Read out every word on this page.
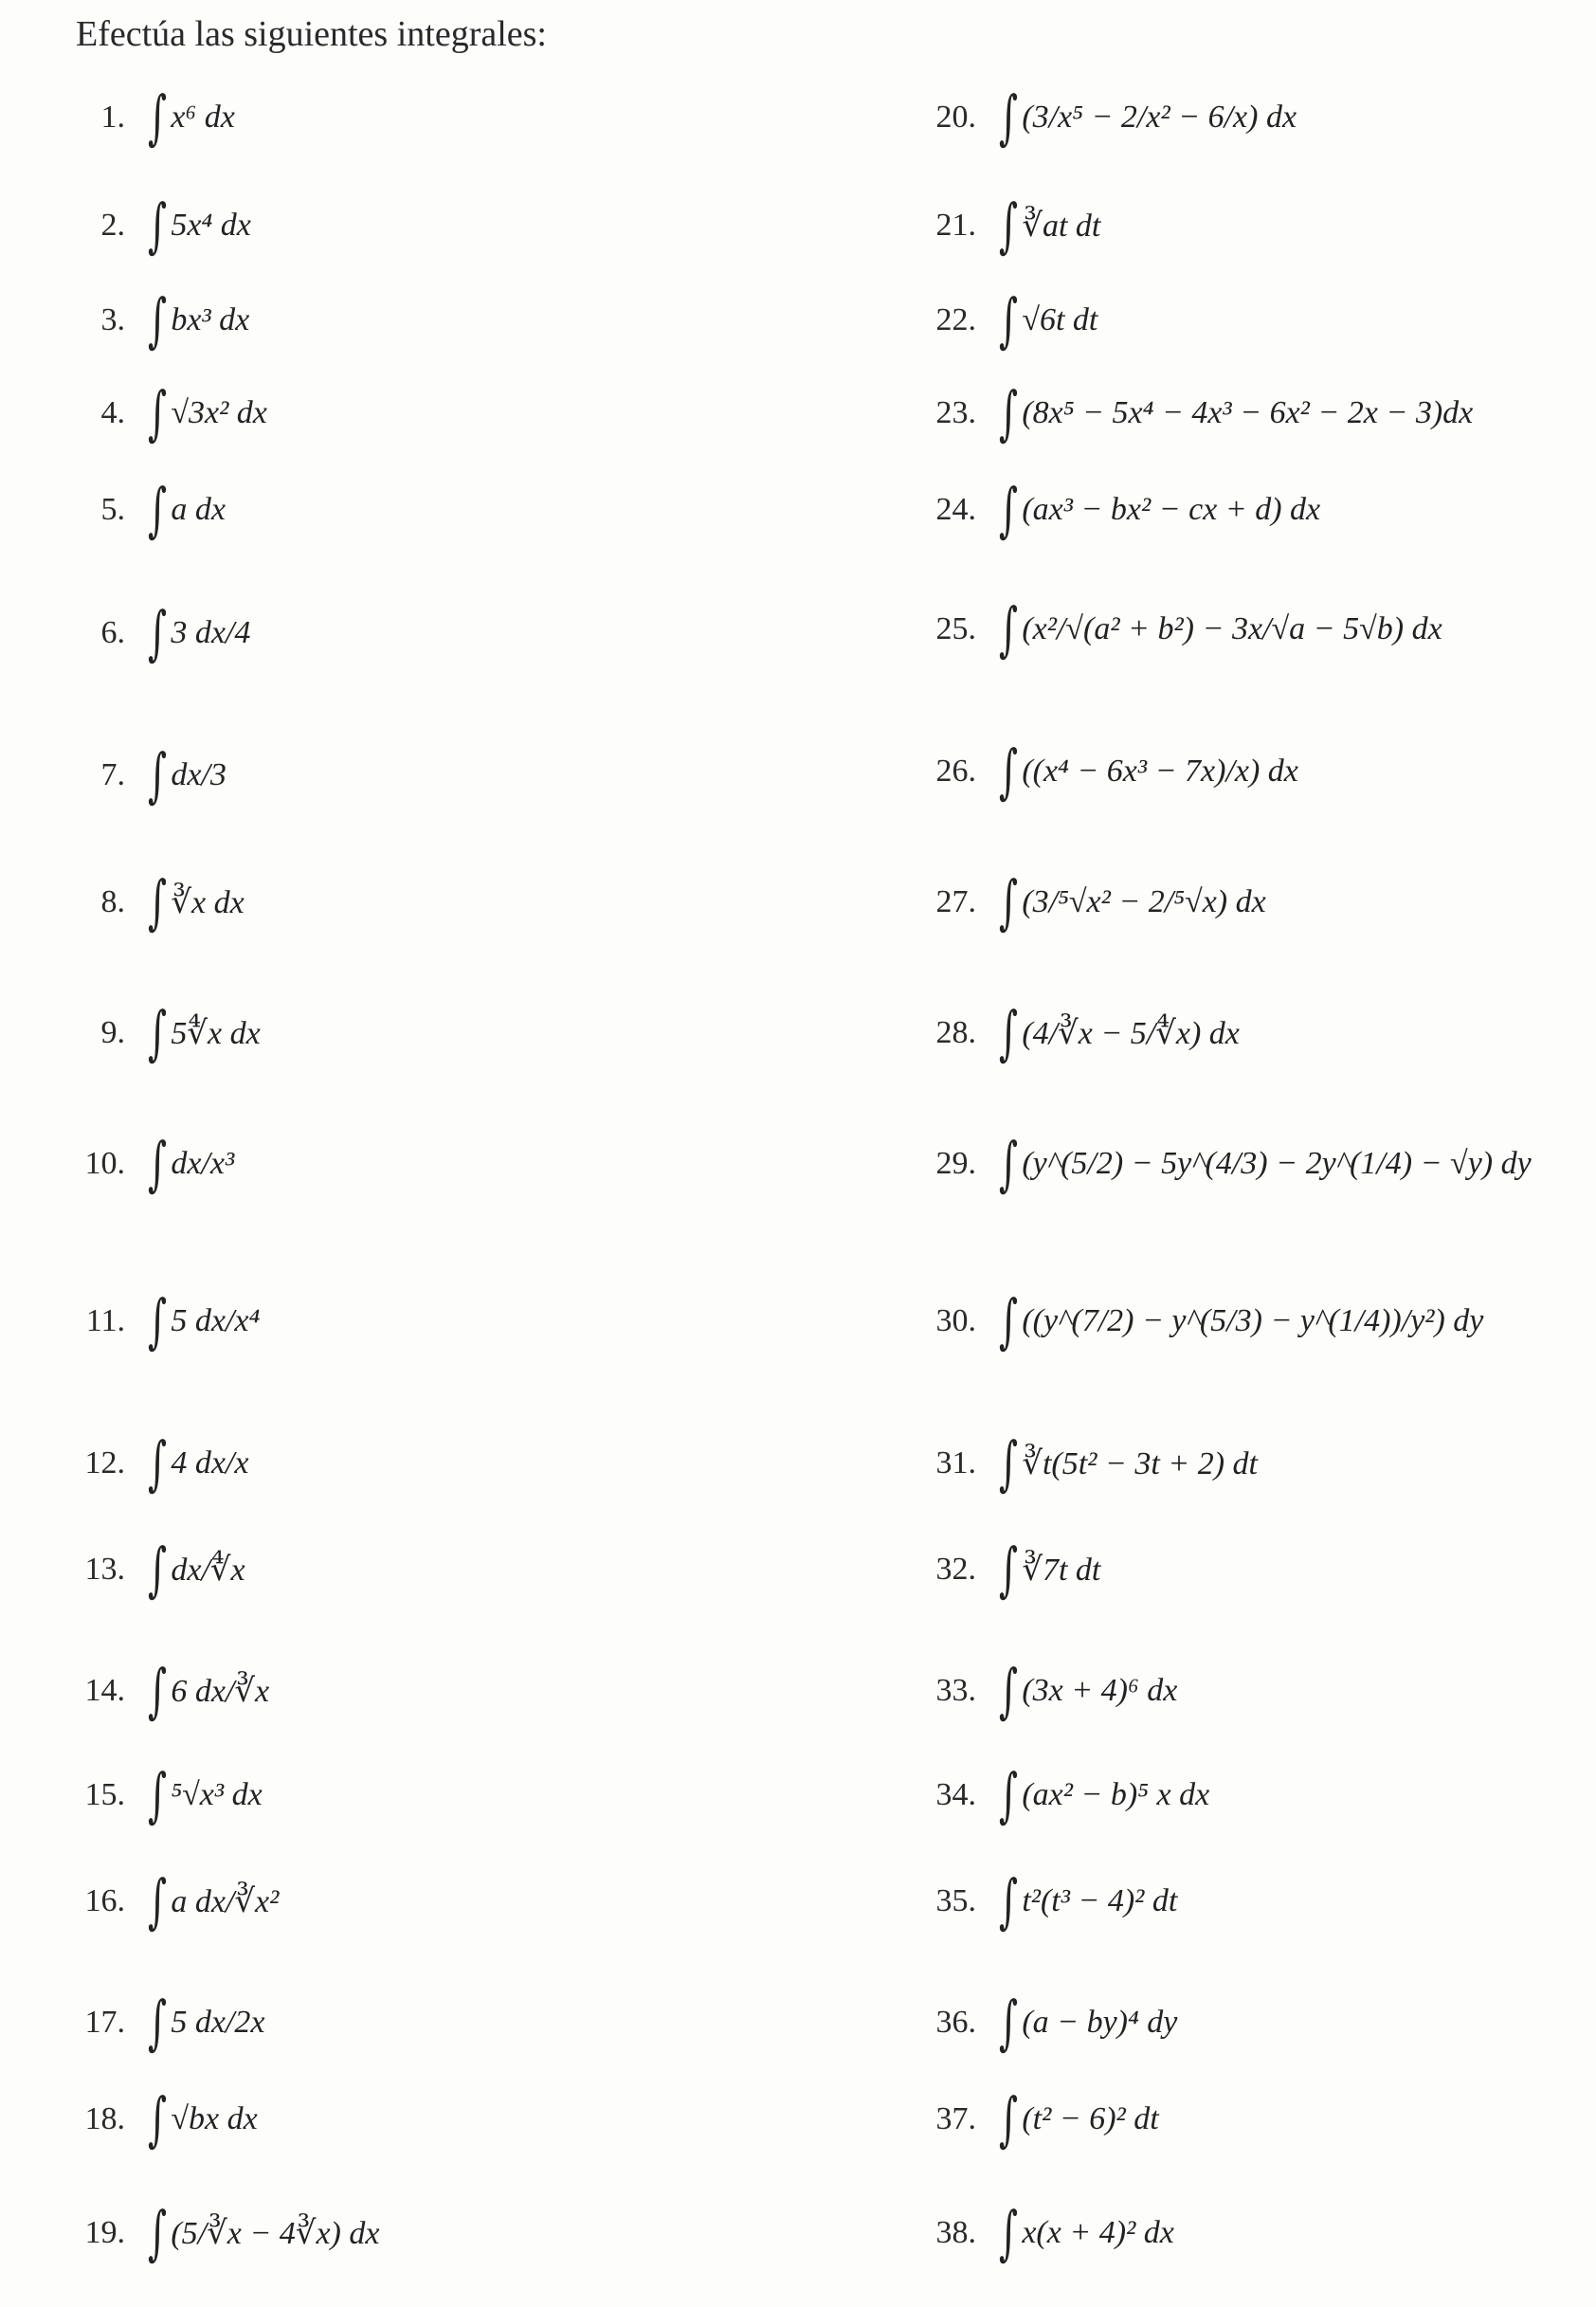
Efectúa las siguientes integrales:
1. ∫ x⁶ dx
2. ∫ 5x⁴ dx
3. ∫ bx³ dx
4. ∫ √3x² dx
5. ∫ a dx
6. ∫ 3 dx/4
7. ∫ dx/3
8. ∫ ∛x dx
9. ∫ 5∜x dx
10. ∫ dx/x³
11. ∫ 5 dx/x⁴
12. ∫ 4 dx/x
13. ∫ dx/∜x
14. ∫ 6 dx/∛x
15. ∫ ⁵√x³ dx
16. ∫ a dx/∛x²
17. ∫ 5 dx/2x
18. ∫ √bx dx
19. ∫ (5/∛x − 4∛x) dx
20. ∫ (3/x⁵ − 2/x² − 6/x) dx
21. ∫ ∛at dt
22. ∫ √6t dt
23. ∫ (8x⁵ − 5x⁴ − 4x³ − 6x² − 2x − 3)dx
24. ∫ (ax³ − bx² − cx + d) dx
25. ∫ (x²/√(a² + b²) − 3x/√a − 5√b) dx
26. ∫ ((x⁴ − 6x³ − 7x)/x) dx
27. ∫ (3/⁵√x² − 2/⁵√x) dx
28. ∫ (4/∛x − 5/∜x) dx
29. ∫ (y^(5/2) − 5y^(4/3) − 2y^(1/4) − √y) dy
30. ∫ ((y^(7/2) − y^(5/3) − y^(1/4))/y²) dy
31. ∫ ∛t(5t² − 3t + 2) dt
32. ∫ ∛7t dt
33. ∫ (3x + 4)⁶ dx
34. ∫ (ax² − b)⁵ x dx
35. ∫ t²(t³ − 4)² dt
36. ∫ (a − by)⁴ dy
37. ∫ (t² − 6)² dt
38. ∫ x(x + 4)² dx
